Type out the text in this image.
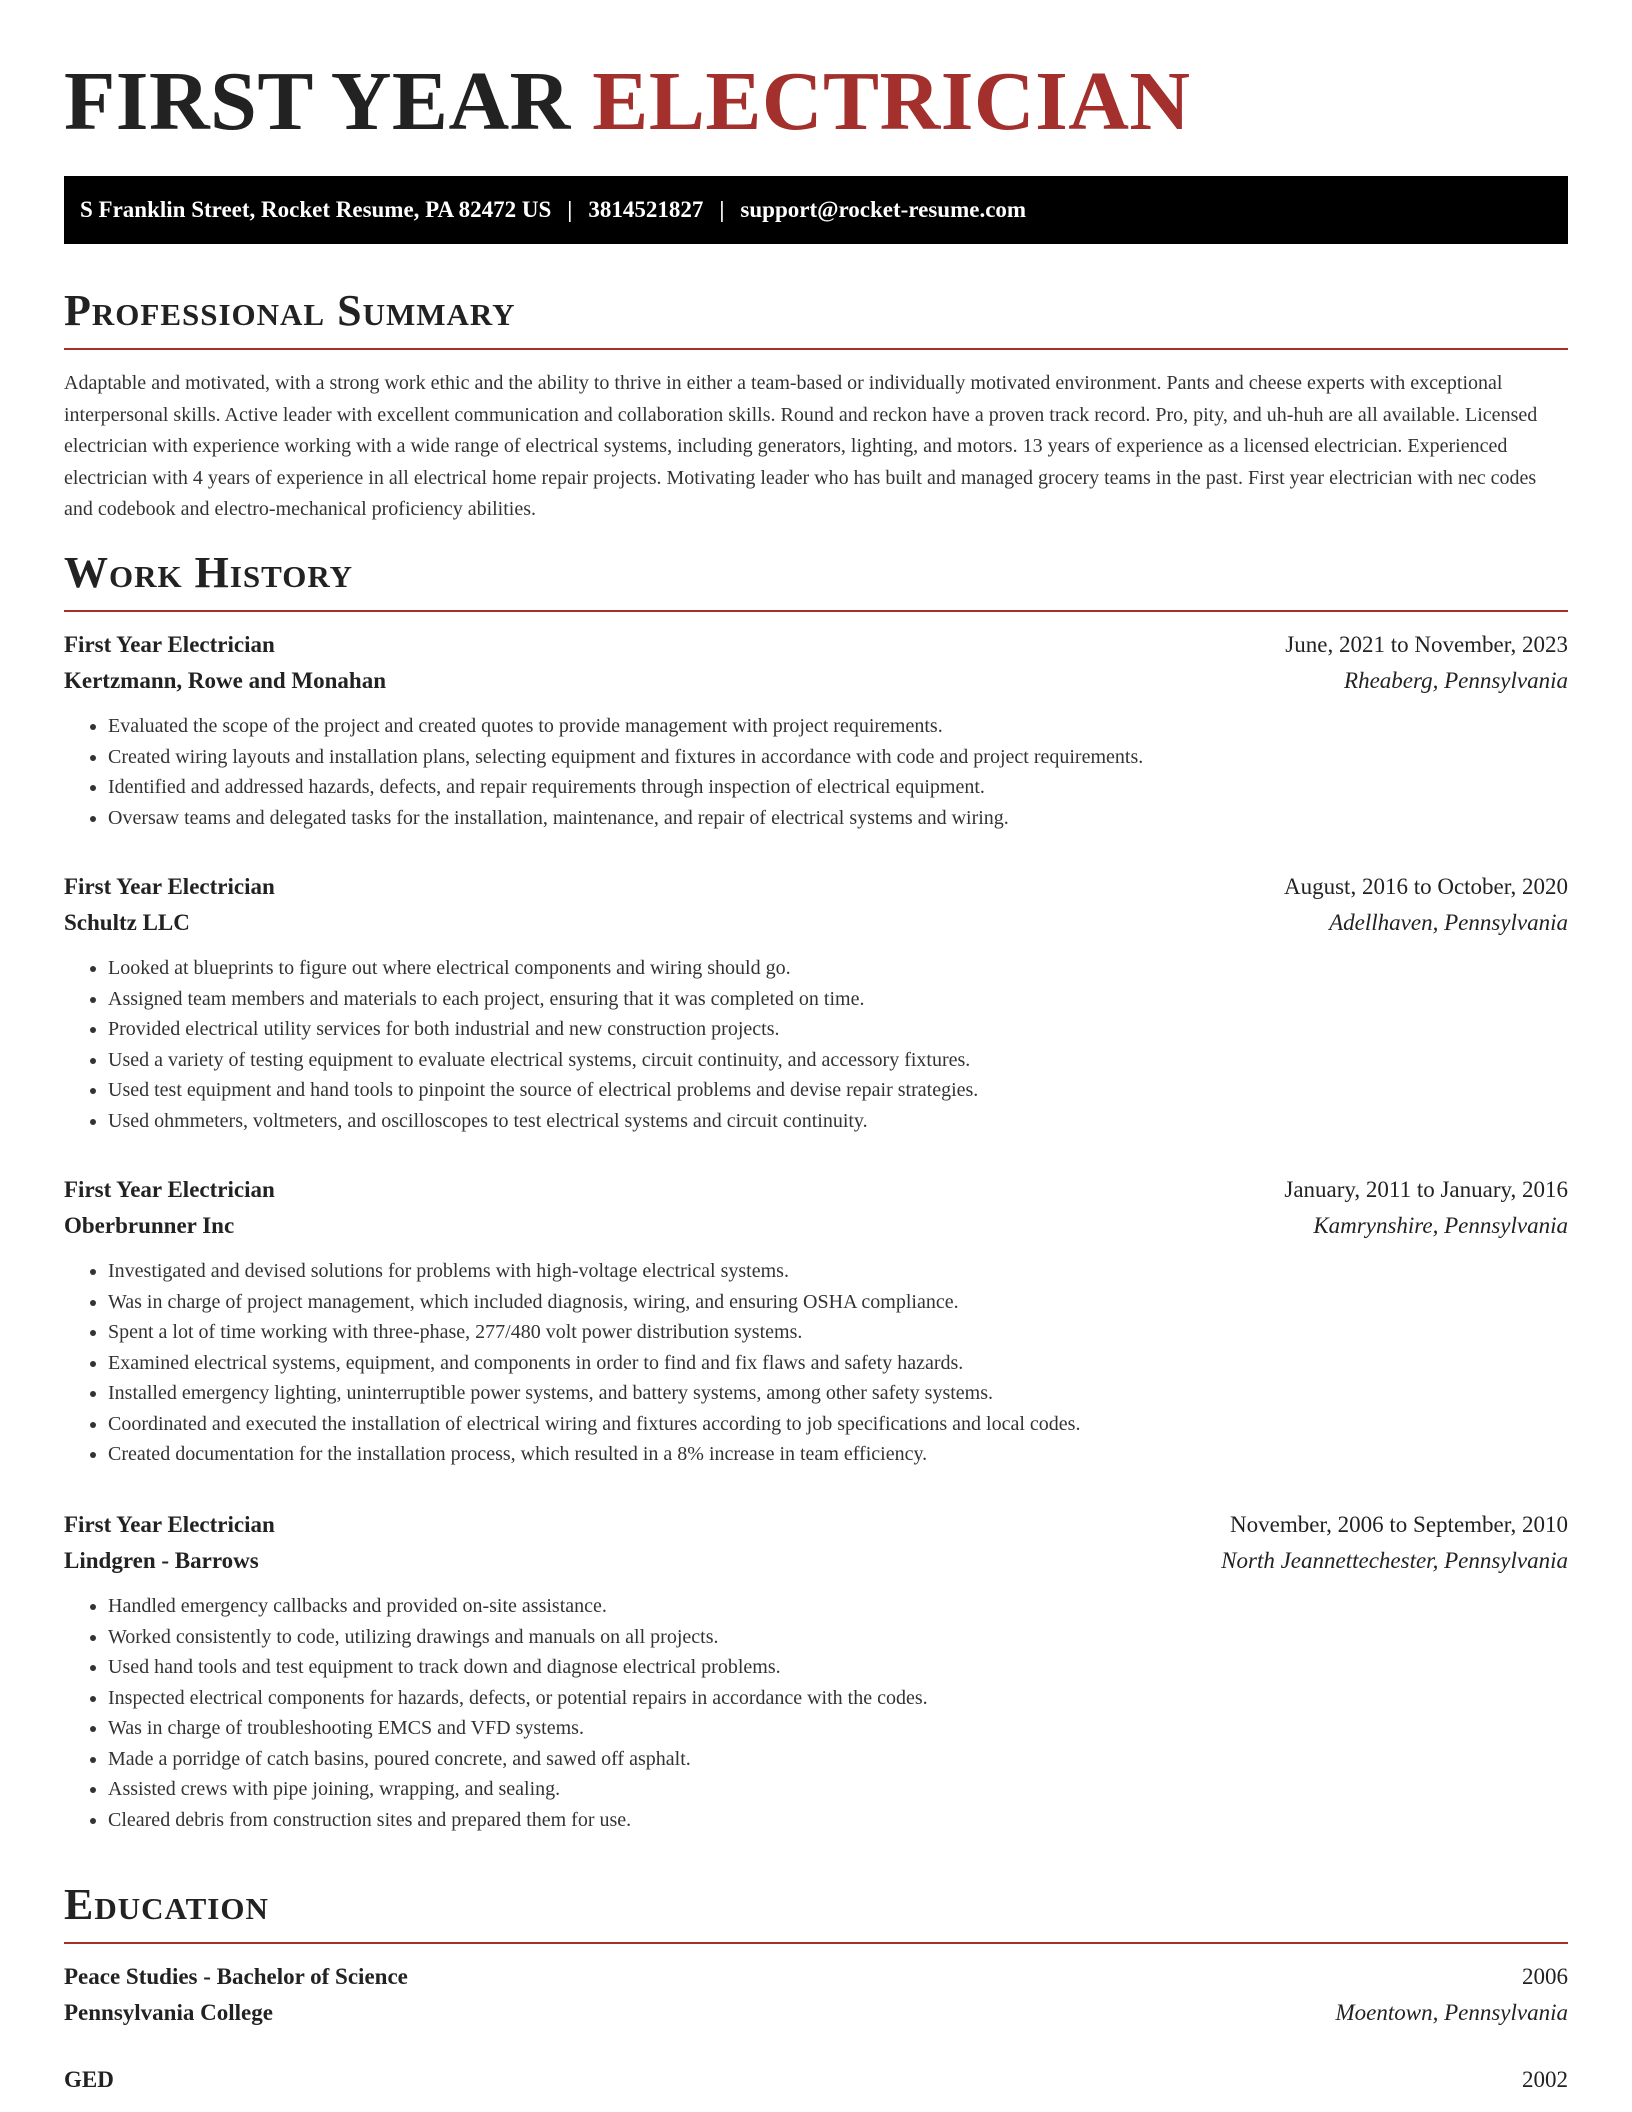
FIRST YEAR ELECTRICIAN
S Franklin Street, Rocket Resume, PA 82472 US | 3814521827 | support@rocket-resume.com
Professional Summary

Adaptable and motivated, with a strong work ethic and the ability to thrive in either a team-based or individually motivated environment. Pants and cheese experts with exceptional interpersonal skills. Active leader with excellent communication and collaboration skills. Round and reckon have a proven track record. Pro, pity, and uh-huh are all available. Licensed electrician with experience working with a wide range of electrical systems, including generators, lighting, and motors. 13 years of experience as a licensed electrician. Experienced electrician with 4 years of experience in all electrical home repair projects. Motivating leader who has built and managed grocery teams in the past. First year electrician with nec codes and codebook and electro-mechanical proficiency abilities.

Work History
First Year Electrician	June, 2021 to November, 2023
Kertzmann, Rowe and Monahan	Rheaberg, Pennsylvania
• Evaluated the scope of the project and created quotes to provide management with project requirements.
• Created wiring layouts and installation plans, selecting equipment and fixtures in accordance with code and project requirements.
• Identified and addressed hazards, defects, and repair requirements through inspection of electrical equipment.
• Oversaw teams and delegated tasks for the installation, maintenance, and repair of electrical systems and wiring.
First Year Electrician	August, 2016 to October, 2020
Schultz LLC	Adellhaven, Pennsylvania
• Looked at blueprints to figure out where electrical components and wiring should go.
• Assigned team members and materials to each project, ensuring that it was completed on time.
• Provided electrical utility services for both industrial and new construction projects.
• Used a variety of testing equipment to evaluate electrical systems, circuit continuity, and accessory fixtures.
• Used test equipment and hand tools to pinpoint the source of electrical problems and devise repair strategies.
• Used ohmmeters, voltmeters, and oscilloscopes to test electrical systems and circuit continuity.
First Year Electrician	January, 2011 to January, 2016
Oberbrunner Inc	Kamrynshire, Pennsylvania
• Investigated and devised solutions for problems with high-voltage electrical systems.
• Was in charge of project management, which included diagnosis, wiring, and ensuring OSHA compliance.
• Spent a lot of time working with three-phase, 277/480 volt power distribution systems.
• Examined electrical systems, equipment, and components in order to find and fix flaws and safety hazards.
• Installed emergency lighting, uninterruptible power systems, and battery systems, among other safety systems.
• Coordinated and executed the installation of electrical wiring and fixtures according to job specifications and local codes.
• Created documentation for the installation process, which resulted in a 8% increase in team efficiency.
First Year Electrician	November, 2006 to September, 2010
Lindgren - Barrows	North Jeannettechester, Pennsylvania
• Handled emergency callbacks and provided on-site assistance.
• Worked consistently to code, utilizing drawings and manuals on all projects.
• Used hand tools and test equipment to track down and diagnose electrical problems.
• Inspected electrical components for hazards, defects, or potential repairs in accordance with the codes.
• Was in charge of troubleshooting EMCS and VFD systems.
• Made a porridge of catch basins, poured concrete, and sawed off asphalt.
• Assisted crews with pipe joining, wrapping, and sealing.
• Cleared debris from construction sites and prepared them for use.
Education
Peace Studies - Bachelor of Science	2006
Pennsylvania College	Moentown, Pennsylvania
GED	2002
